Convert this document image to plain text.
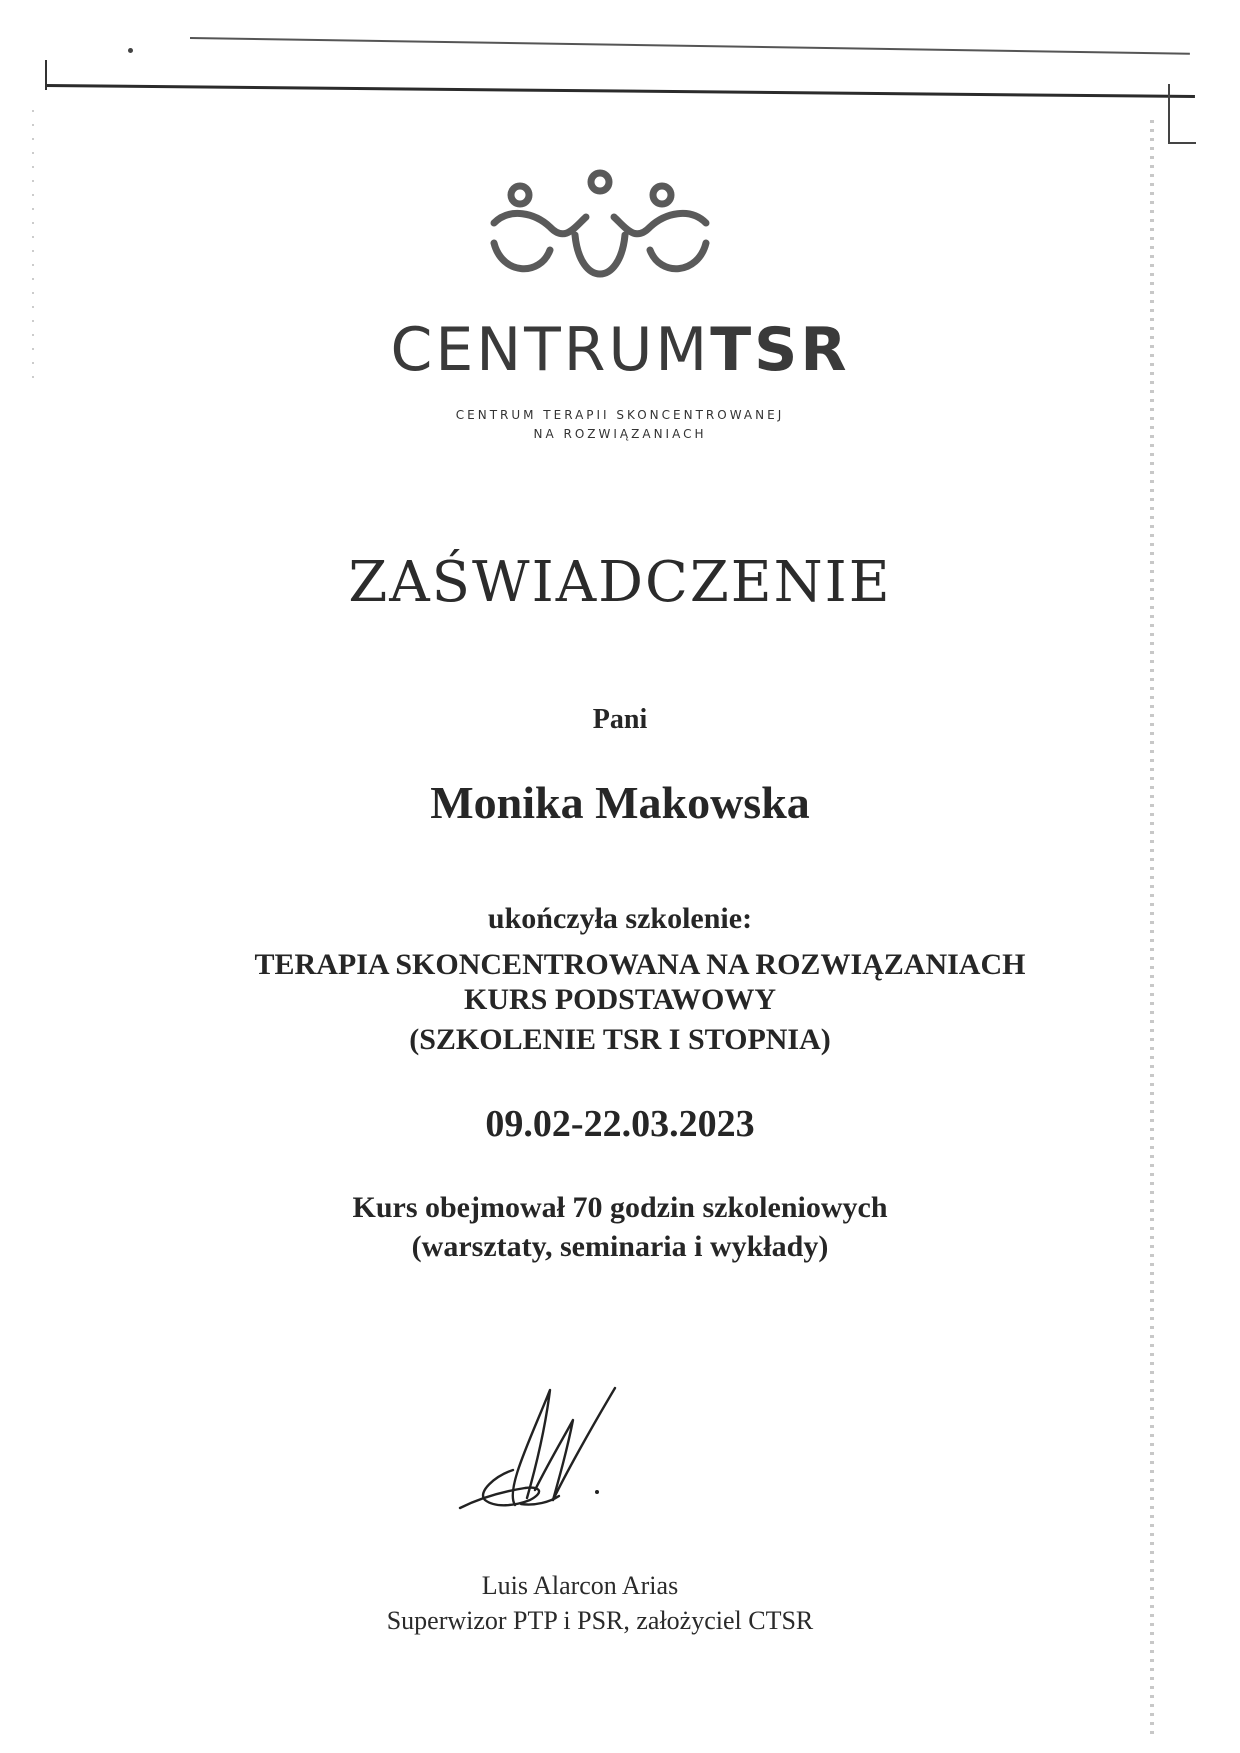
CENTRUMTSR
CENTRUM TERAPII SKONCENTROWANEJ
NA ROZWIĄZANIACH
ZAŚWIADCZENIE
Pani
Monika Makowska
ukończyła szkolenie:
TERAPIA SKONCENTROWANA NA ROZWIĄZANIACH
KURS PODSTAWOWY
(SZKOLENIE TSR I STOPNIA)
09.02-22.03.2023
Kurs obejmował 70 godzin szkoleniowych
(warsztaty, seminaria i wykłady)
Luis Alarcon Arias
Superwizor PTP i PSR, założyciel CTSR
